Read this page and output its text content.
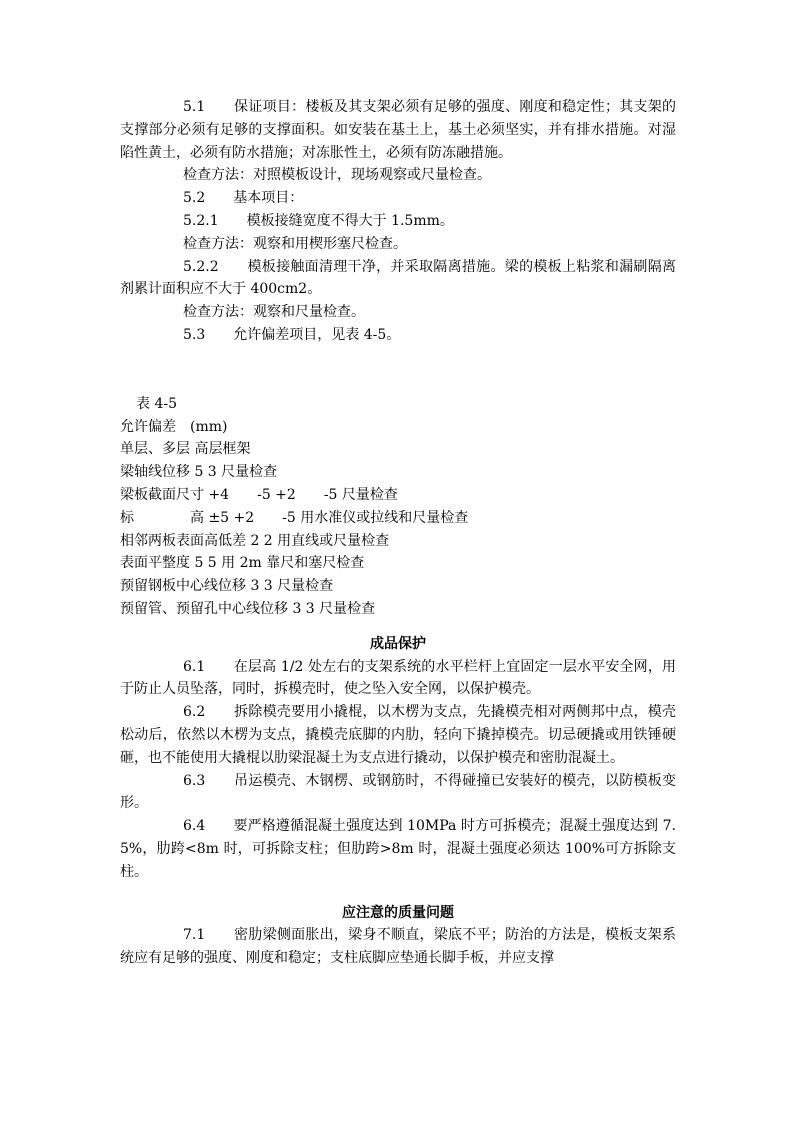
5.1　　保证项目：楼板及其支架必须有足够的强度、刚度和稳定性；其支架的支撑部分必须有足够的支撑面积。如安装在基土上，基土必须坚实，并有排水措施。对湿陷性黄土，必须有防水措施；对冻胀性土，必须有防冻融措施。

检查方法：对照模板设计，现场观察或尺量检查。

5.2　　基本项目：

5.2.1　　模板接缝宽度不得大于 1.5mm。

检查方法：观察和用楔形塞尺检查。

5.2.2　　模板接触面清理干净，并采取隔离措施。梁的模板上粘浆和漏刷隔离剂累计面积应不大于 400cm2。

检查方法：观察和尺量检查。

5.3　　允许偏差项目，见表 4-5。

表 4-5

允许偏差　(mm)

单层、多层 高层框架

梁轴线位移 5 3 尺量检查

梁板截面尺寸 +4　　-5 +2　　-5 尺量检查

标　　　　高 ±5 +2　　-5 用水准仪或拉线和尺量检查

相邻两板表面高低差 2 2 用直线或尺量检查

表面平整度 5 5 用 2m 靠尺和塞尺检查

预留钢板中心线位移 3 3 尺量检查

预留管、预留孔中心线位移 3 3 尺量检查

成品保护

6.1　　在层高 1/2 处左右的支架系统的水平栏杆上宜固定一层水平安全网，用于防止人员坠落，同时，拆模壳时，使之坠入安全网，以保护模壳。

6.2　　拆除模壳要用小撬棍，以木楞为支点，先撬模壳相对两侧邦中点，模壳松动后，依然以木楞为支点，撬模壳底脚的内肋，轻向下撬掉模壳。切忌硬撬或用铁锤硬砸，也不能使用大撬棍以肋梁混凝土为支点进行撬动，以保护模壳和密肋混凝土。

6.3　　吊运模壳、木钢楞、或钢筋时，不得碰撞已安装好的模壳，以防模板变形。

6.4　　要严格遵循混凝土强度达到 10MPa 时方可拆模壳；混凝土强度达到 7.5%，肋跨<8m 时，可拆除支柱；但肋跨>8m 时，混凝土强度必须达 100%可方拆除支柱。

应注意的质量问题

7.1　　密肋梁侧面胀出，梁身不顺直，梁底不平；防治的方法是，模板支架系统应有足够的强度、刚度和稳定；支柱底脚应垫通长脚手板，并应支撑
